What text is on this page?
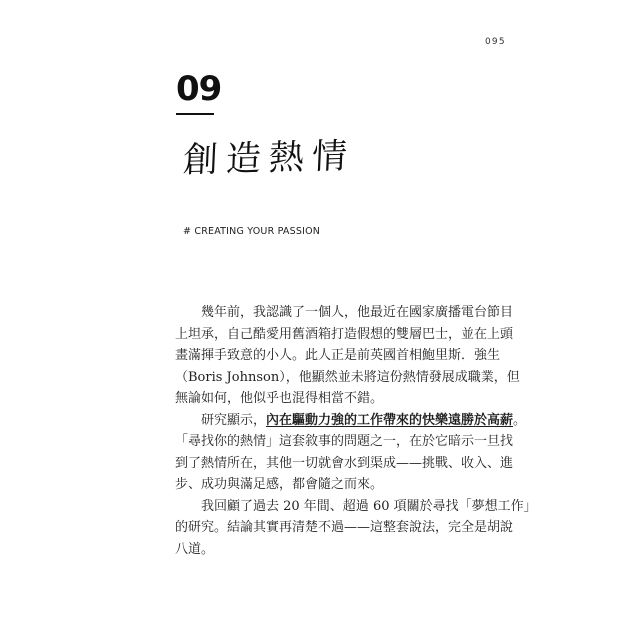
095
09
創造熱情
# CREATING YOUR PASSION

幾年前，我認識了一個人，他最近在國家廣播電台節目
上坦承，自己酷愛用舊酒箱打造假想的雙層巴士，並在上頭
畫滿揮手致意的小人。此人正是前英國首相鮑里斯．強生
（Boris Johnson），他顯然並未將這份熱情發展成職業，但
無論如何，他似乎也混得相當不錯。

研究顯示，內在驅動力強的工作帶來的快樂遠勝於高薪。
「尋找你的熱情」這套敘事的問題之一，在於它暗示一旦找
到了熱情所在，其他一切就會水到渠成——挑戰、收入、進
步、成功與滿足感，都會隨之而來。

我回顧了過去 20 年間、超過 60 項關於尋找「夢想工作」
的研究。結論其實再清楚不過——這整套說法，完全是胡說
八道。
